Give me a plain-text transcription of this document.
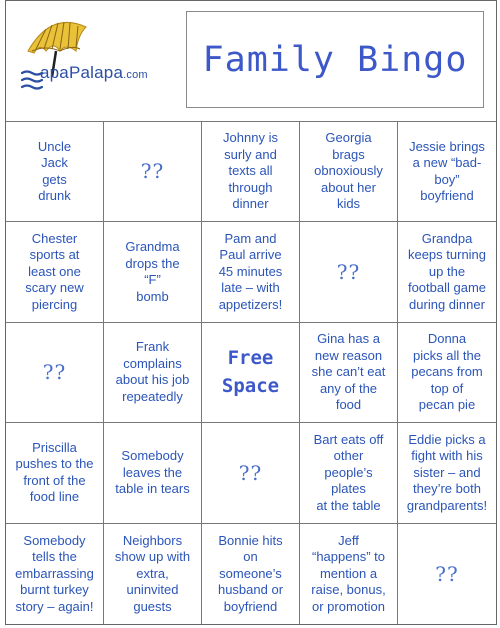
apaPalapa.com Family Bingo
Uncle
Jack
gets
drunk
??
Johnny is
surly and
texts all
through
dinner
Georgia
brags
obnoxiously
about her
kids
Jessie brings
a new “bad-
boy”
boyfriend
Chester
sports at
least one
scary new
piercing
Grandma
drops the
“F”
bomb
Pam and
Paul arrive
45 minutes
late – with
appetizers!
??
Grandpa
keeps turning
up the
football game
during dinner
??
Frank
complains
about his job
repeatedly
Free
Space
Gina has a
new reason
she can’t eat
any of the
food
Donna
picks all the
pecans from
top of
pecan pie
Priscilla
pushes to the
front of the
food line
Somebody
leaves the
table in tears
??
Bart eats off
other
people’s
plates
at the table
Eddie picks a
fight with his
sister – and
they’re both
grandparents!
Somebody
tells the
embarrassing
burnt turkey
story – again!
Neighbors
show up with
extra,
uninvited
guests
Bonnie hits
on
someone’s
husband or
boyfriend
Jeff
“happens” to
mention a
raise, bonus,
or promotion
??
